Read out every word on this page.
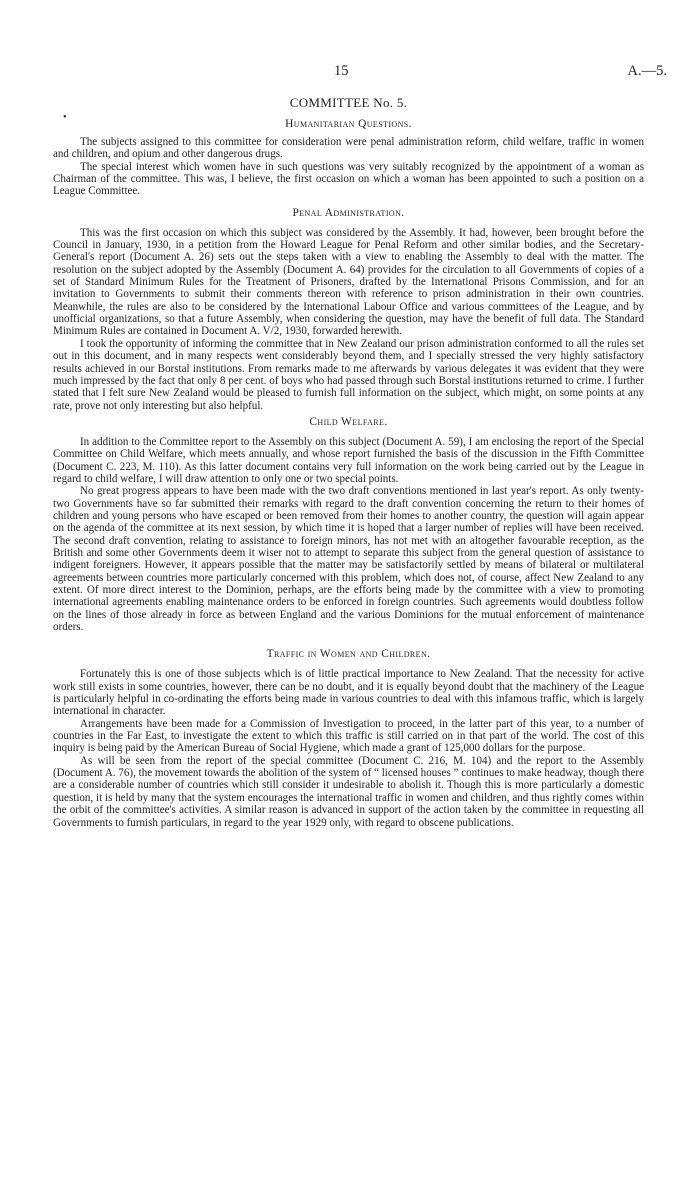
15	A.—5.
•
COMMITTEE No. 5.
Humanitarian Questions.

The subjects assigned to this committee for consideration were penal administration reform, child welfare, traffic in women and children, and opium and other dangerous drugs.

The special interest which women have in such questions was very suitably recognized by the appointment of a woman as Chairman of the committee. This was, I believe, the first occasion on which a woman has been appointed to such a position on a League Committee.

Penal Administration.

This was the first occasion on which this subject was considered by the Assembly. It had, however, been brought before the Council in January, 1930, in a petition from the Howard League for Penal Reform and other similar bodies, and the Secretary-General's report (Document A. 26) sets out the steps taken with a view to enabling the Assembly to deal with the matter. The resolution on the subject adopted by the Assembly (Document A. 64) provides for the circulation to all Governments of copies of a set of Standard Minimum Rules for the Treatment of Prisoners, drafted by the International Prisons Commission, and for an invitation to Governments to submit their comments thereon with reference to prison administration in their own countries. Meanwhile, the rules are also to be considered by the International Labour Office and various committees of the League, and by unofficial organizations, so that a future Assembly, when considering the question, may have the benefit of full data. The Standard Minimum Rules are contained in Document A. V/2, 1930, forwarded herewith.

I took the opportunity of informing the committee that in New Zealand our prison administration conformed to all the rules set out in this document, and in many respects went considerably beyond them, and I specially stressed the very highly satisfactory results achieved in our Borstal institutions. From remarks made to me afterwards by various delegates it was evident that they were much impressed by the fact that only 8 per cent. of boys who had passed through such Borstal institutions returned to crime. I further stated that I felt sure New Zealand would be pleased to furnish full information on the subject, which might, on some points at any rate, prove not only interesting but also helpful.

Child Welfare.

In addition to the Committee report to the Assembly on this subject (Document A. 59), I am enclosing the report of the Special Committee on Child Welfare, which meets annually, and whose report furnished the basis of the discussion in the Fifth Committee (Document C. 223, M. 110). As this latter document contains very full information on the work being carried out by the League in regard to child welfare, I will draw attention to only one or two special points.

No great progress appears to have been made with the two draft conventions mentioned in last year's report. As only twenty-two Governments have so far submitted their remarks with regard to the draft convention concerning the return to their homes of children and young persons who have escaped or been removed from their homes to another country, the question will again appear on the agenda of the committee at its next session, by which time it is hoped that a larger number of replies will have been received. The second draft convention, relating to assistance to foreign minors, has not met with an altogether favourable reception, as the British and some other Governments deem it wiser not to attempt to separate this subject from the general question of assistance to indigent foreigners. However, it appears possible that the matter may be satisfactorily settled by means of bilateral or multilateral agreements between countries more particularly concerned with this problem, which does not, of course, affect New Zealand to any extent. Of more direct interest to the Dominion, perhaps, are the efforts being made by the committee with a view to promoting international agreements enabling maintenance orders to be enforced in foreign countries. Such agreements would doubtless follow on the lines of those already in force as between England and the various Dominions for the mutual enforcement of maintenance orders.

Traffic in Women and Children.

Fortunately this is one of those subjects which is of little practical importance to New Zealand. That the necessity for active work still exists in some countries, however, there can be no doubt, and it is equally beyond doubt that the machinery of the League is particularly helpful in co-ordinating the efforts being made in various countries to deal with this infamous traffic, which is largely international in character.

Arrangements have been made for a Commission of Investigation to proceed, in the latter part of this year, to a number of countries in the Far East, to investigate the extent to which this traffic is still carried on in that part of the world. The cost of this inquiry is being paid by the American Bureau of Social Hygiene, which made a grant of 125,000 dollars for the purpose.

As will be seen from the report of the special committee (Document C. 216, M. 104) and the report to the Assembly (Document A. 76), the movement towards the abolition of the system of “ licensed houses ” continues to make headway, though there are a considerable number of countries which still consider it undesirable to abolish it. Though this is more particularly a domestic question, it is held by many that the system encourages the international traffic in women and children, and thus rightly comes within the orbit of the committee's activities. A similar reason is advanced in support of the action taken by the committee in requesting all Governments to furnish particulars, in regard to the year 1929 only, with regard to obscene publications.
